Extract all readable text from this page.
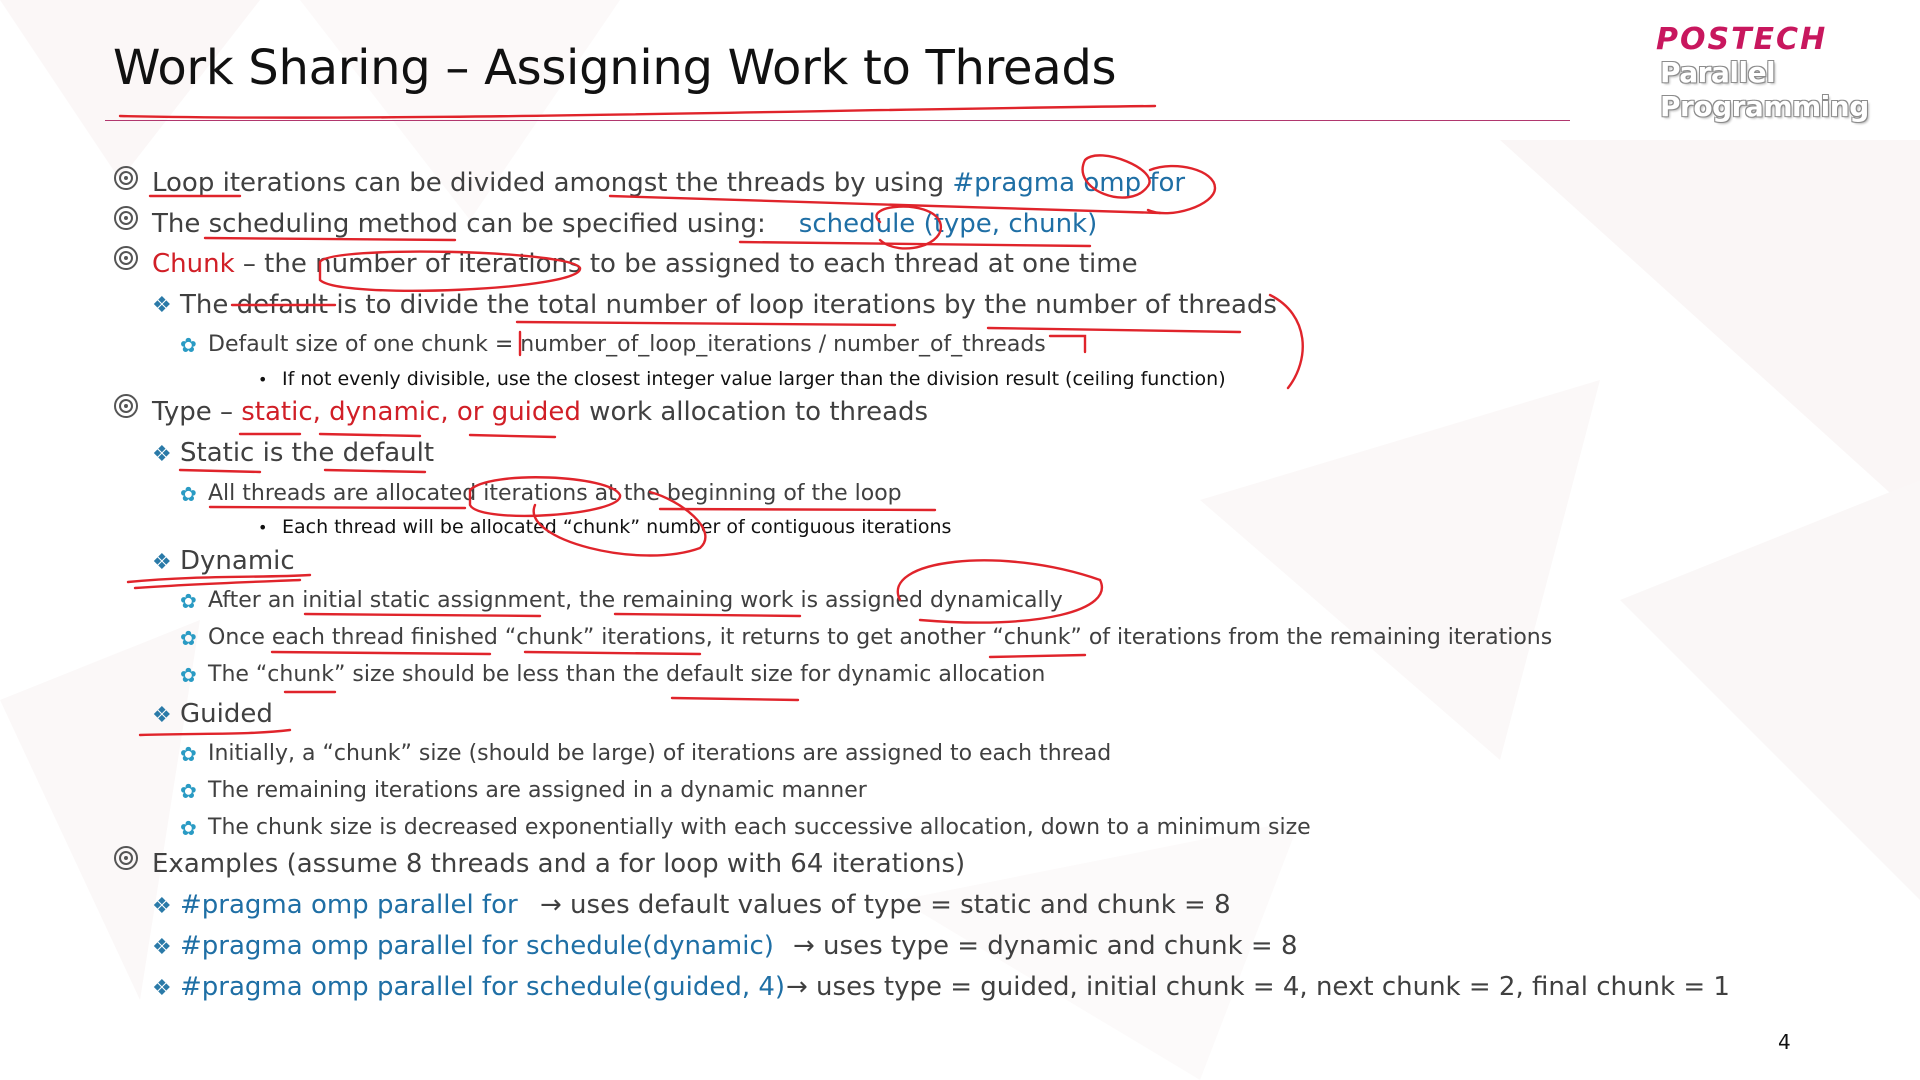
Work Sharing – Assigning Work to Threads
POSTECH
Parallel
Programming
Loop iterations can be divided amongst the threads by using #pragma omp for
The scheduling method can be specified using:    schedule (type, chunk)
Chunk – the number of iterations to be assigned to each thread at one time
❖ The default is to divide the total number of loop iterations by the number of threads
✿ Default size of one chunk = number_of_loop_iterations / number_of_threads
• If not evenly divisible, use the closest integer value larger than the division result (ceiling function)
Type – static, dynamic, or guided work allocation to threads
❖ Static is the default
✿ All threads are allocated iterations at the beginning of the loop
• Each thread will be allocated “chunk” number of contiguous iterations
❖ Dynamic
✿ After an initial static assignment, the remaining work is assigned dynamically
✿ Once each thread finished “chunk” iterations, it returns to get another “chunk” of iterations from the remaining iterations
✿ The “chunk” size should be less than the default size for dynamic allocation
❖ Guided
✿ Initially, a “chunk” size (should be large) of iterations are assigned to each thread
✿ The remaining iterations are assigned in a dynamic manner
✿ The chunk size is decreased exponentially with each successive allocation, down to a minimum size
Examples (assume 8 threads and a for loop with 64 iterations)
❖ #pragma omp parallel for → uses default values of type = static and chunk = 8
❖ #pragma omp parallel for schedule(dynamic) → uses type = dynamic and chunk = 8
❖ #pragma omp parallel for schedule(guided, 4) → uses type = guided, initial chunk = 4, next chunk = 2, final chunk = 1
4
